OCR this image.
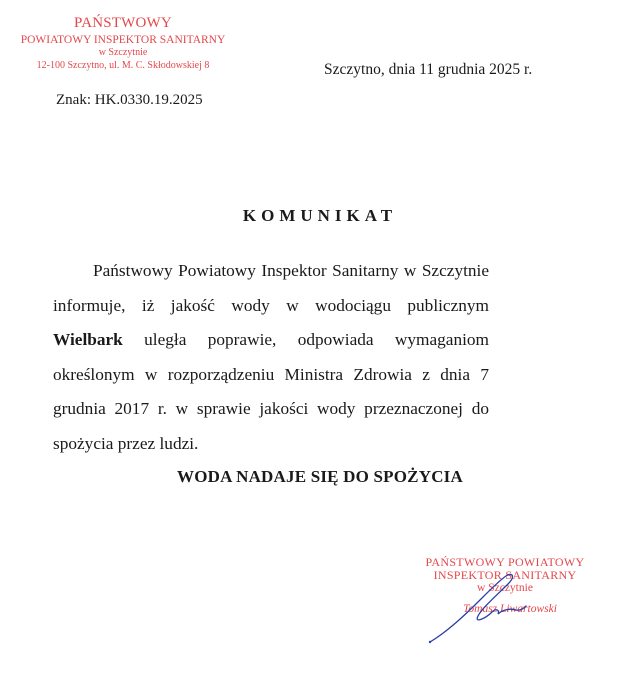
PAŃSTWOWY
POWIATOWY INSPEKTOR SANITARNY
w Szczytnie
12-100 Szczytno, ul. M. C. Skłodowskiej 8
Znak: HK.0330.19.2025
Szczytno, dnia 11 grudnia 2025 r.
KOMUNIKAT
Państwowy Powiatowy Inspektor Sanitarny w Szczytnie informuje, iż jakość wody w wodociągu publicznym Wielbark uległa poprawie, odpowiada wymaganiom określonym w rozporządzeniu Ministra Zdrowia z dnia 7 grudnia 2017 r. w sprawie jakości wody przeznaczonej do spożycia przez ludzi.
WODA NADAJE SIĘ DO SPOŻYCIA
PAŃSTWOWY POWIATOWY
INSPEKTOR SANITARNY
w Szczytnie
Tomasz Liwartowski
